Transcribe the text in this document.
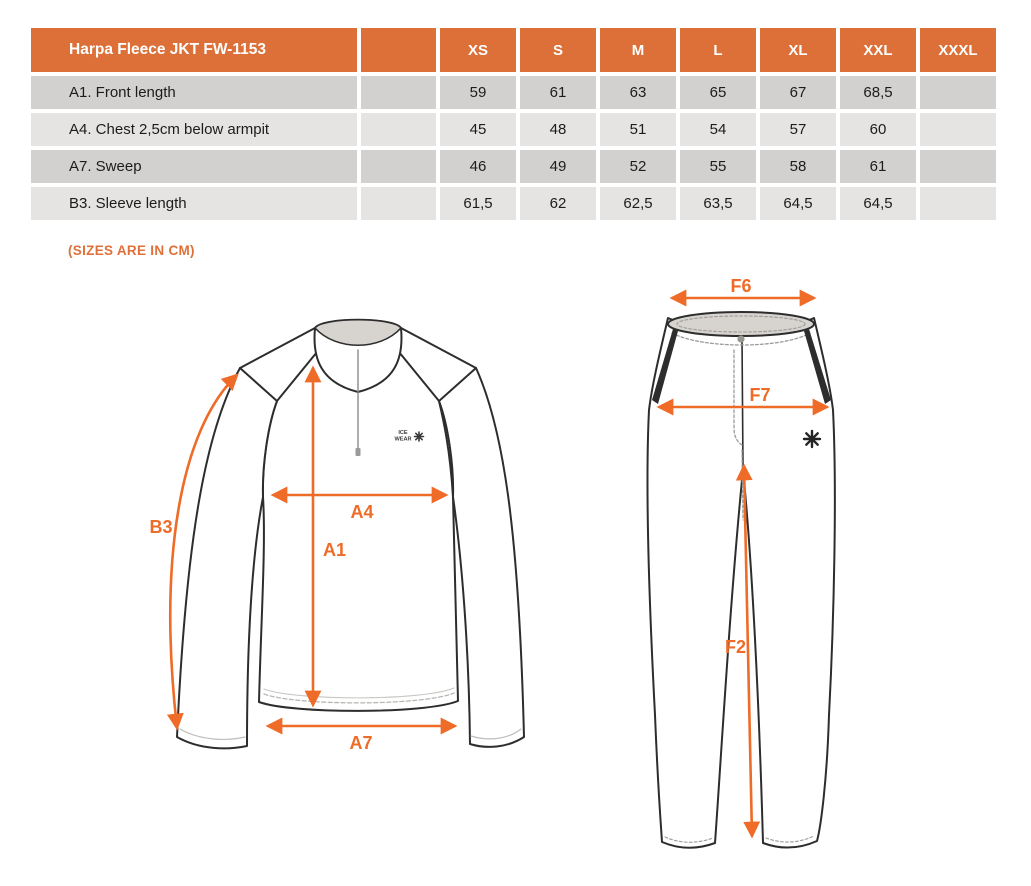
Harpa Fleece JKT FW-1153		XS	S	M	L	XL	XXL	XXXL
A1. Front length		59	61	63	65	67	68,5	
A4. Chest 2,5cm below armpit		45	48	51	54	57	60	
A7. Sweep		46	49	52	55	58	61	
B3. Sleeve length		61,5	62	62,5	63,5	64,5	64,5	
(SIZES ARE IN CM)
ICE
WEAR
B3
A1
A4
A7
F6
F7
F2
